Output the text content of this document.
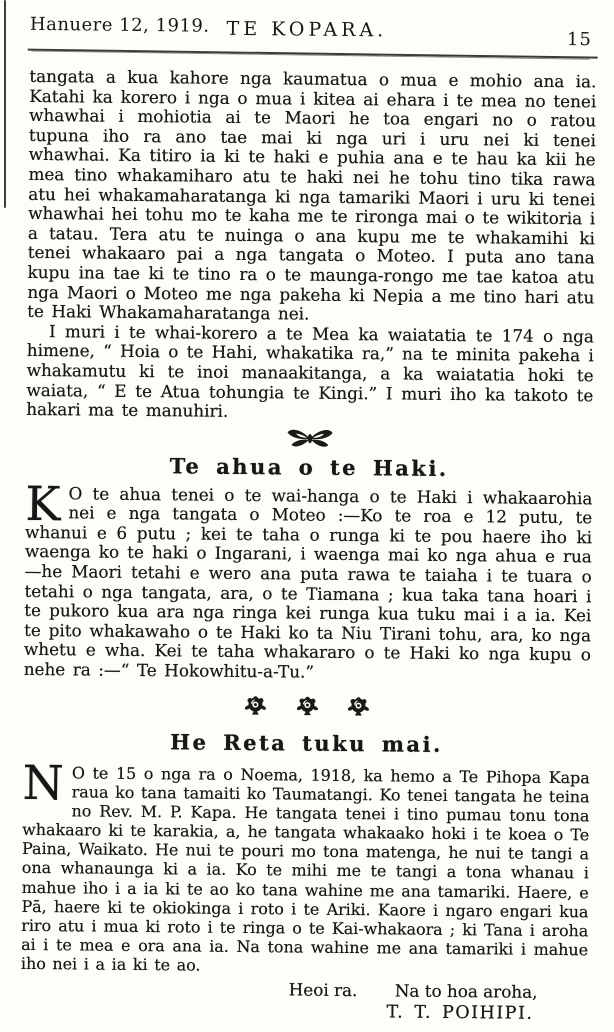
Hanuere 12, 1919. TE KOPARA.	15

tangata a kua kahore nga kaumatua o mua e mohio ana ia. Katahi ka korero i nga o mua i kitea ai ehara i te mea no tenei whawhai i mohiotia ai te Maori he toa engari no o ratou tupuna iho ra ano tae mai ki nga uri i uru nei ki tenei whawhai. Ka titiro ia ki te haki e puhia ana e te hau ka kii he mea tino whakamiharo atu te haki nei he tohu tino tika rawa atu hei whakamaharatanga ki nga tamariki Maori i uru ki tenei whawhai hei tohu mo te kaha me te rironga mai o te wikitoria i a tatau. Tera atu te nuinga o ana kupu me te whakamihi ki tenei whakaaro pai a nga tangata o Moteo. I puta ano tana kupu ina tae ki te tino ra o te maunga-rongo me tae katoa atu nga Maori o Moteo me nga pakeha ki Nepia a me tino hari atu te Haki Whakamaharatanga nei.

I muri i te whai-korero a te Mea ka waiatatia te 174 o nga himene, “ Hoia o te Hahi, whakatika ra,” na te minita pakeha i whakamutu ki te inoi manaakitanga, a ka waiatatia hoki te waiata, “ E te Atua tohungia te Kingi.” I muri iho ka takoto te hakari ma te manuhiri.

Te ahua o te Haki.

K O te ahua tenei o te wai-hanga o te Haki i whakaarohia nei e nga tangata o Moteo :—Ko te roa e 12 putu, te whanui e 6 putu ; kei te taha o runga ki te pou haere iho ki waenga ko te haki o Ingarani, i waenga mai ko nga ahua e rua—he Maori tetahi e wero ana puta rawa te taiaha i te tuara o tetahi o nga tangata, ara, o te Tiamana ; kua taka tana hoari i te pukoro kua ara nga ringa kei runga kua tuku mai i a ia. Kei te pito whakawaho o te Haki ko ta Niu Tirani tohu, ara, ko nga whetu e wha. Kei te taha whakararo o te Haki ko nga kupu o nehe ra :—“ Te Hokowhitu-a-Tu.”

He Reta tuku mai.

N O te 15 o nga ra o Noema, 1918, ka hemo a Te Pihopa Kapa raua ko tana tamaiti ko Taumatangi. Ko tenei tangata he teina no Rev. M. P. Kapa. He tangata tenei i tino pumau tonu tona whakaaro ki te karakia, a, he tangata whakaako hoki i te koea o Te Paina, Waikato. He nui te pouri mo tona matenga, he nui te tangi a ona whanaunga ki a ia. Ko te mihi me te tangi a tona whanau i mahue iho i a ia ki te ao ko tana wahine me ana tamariki. Haere, e Pā, haere ki te okiokinga i roto i te Ariki. Kaore i ngaro engari kua riro atu i mua ki roto i te ringa o te Kai-whakaora ; ki Tana i aroha ai i te mea e ora ana ia. Na tona wahine me ana tamariki i mahue iho nei i a ia ki te ao.

Heoi ra. Na to hoa aroha,
T. T. POIHIPI.
